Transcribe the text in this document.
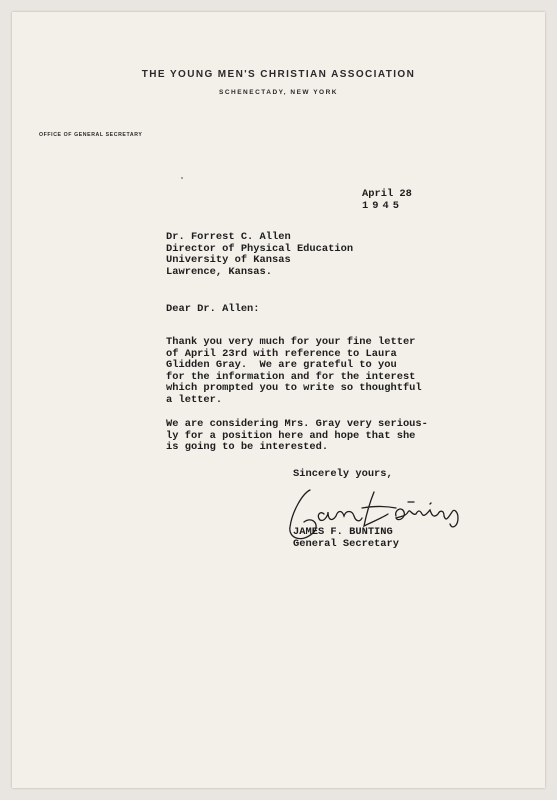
THE YOUNG MEN'S CHRISTIAN ASSOCIATION
SCHENECTADY, NEW YORK
OFFICE OF GENERAL SECRETARY
April 28
1945
Dr. Forrest C. Allen
Director of Physical Education
University of Kansas
Lawrence, Kansas.
Dear Dr. Allen:
Thank you very much for your fine letter
of April 23rd with reference to Laura
Glidden Gray.  We are grateful to you
for the information and for the interest
which prompted you to write so thoughtful
a letter.
We are considering Mrs. Gray very serious-
ly for a position here and hope that she
is going to be interested.
Sincerely yours,
JAMES F. BUNTING
General Secretary
